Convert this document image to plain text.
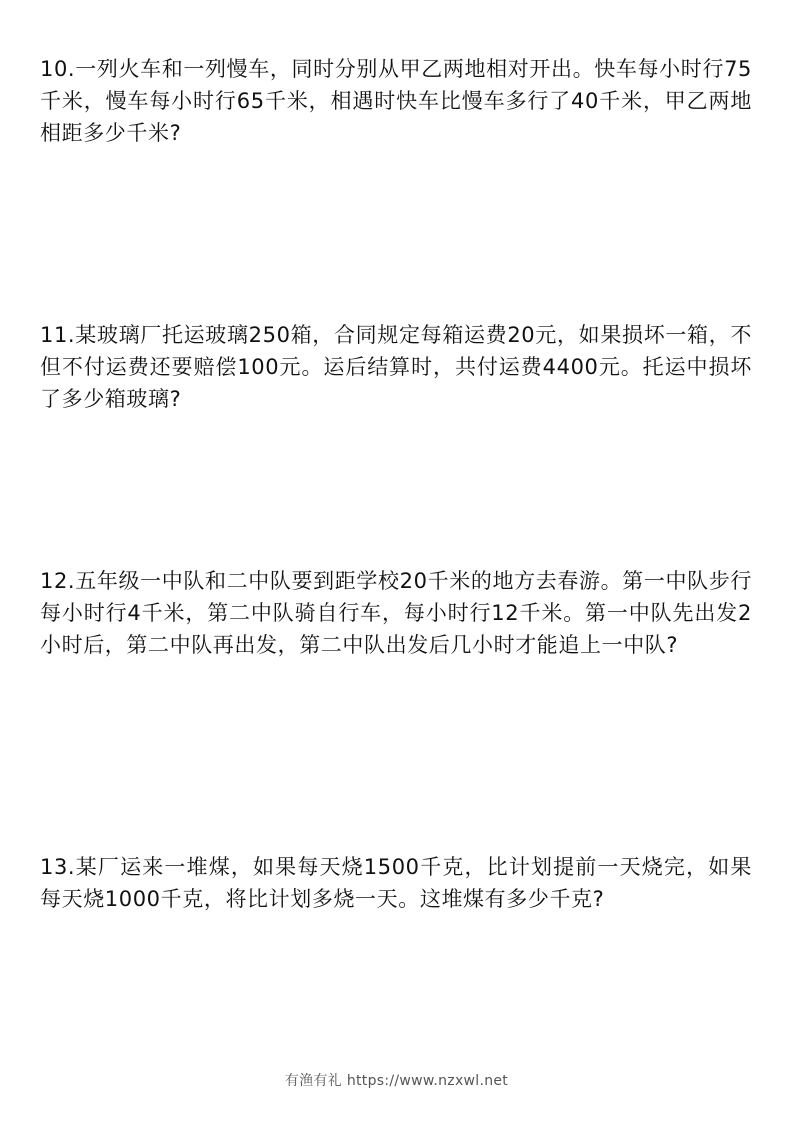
10.一列火车和一列慢车，同时分别从甲乙两地相对开出。快车每小时行75千米，慢车每小时行65千米，相遇时快车比慢车多行了40千米，甲乙两地相距多少千米?

11.某玻璃厂托运玻璃250箱，合同规定每箱运费20元，如果损坏一箱，不但不付运费还要赔偿100元。运后结算时，共付运费4400元。托运中损坏了多少箱玻璃?

12.五年级一中队和二中队要到距学校20千米的地方去春游。第一中队步行每小时行4千米，第二中队骑自行车，每小时行12千米。第一中队先出发2小时后，第二中队再出发，第二中队出发后几小时才能追上一中队?

13.某厂运来一堆煤，如果每天烧1500千克，比计划提前一天烧完，如果每天烧1000千克，将比计划多烧一天。这堆煤有多少千克?

有渔有礼 https://www.nzxwl.net
